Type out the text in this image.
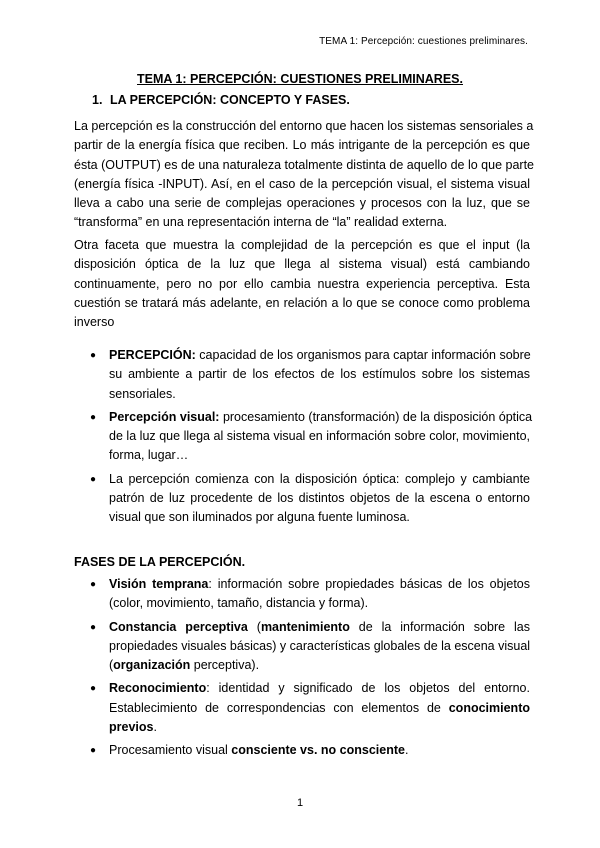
TEMA 1: Percepción: cuestiones preliminares.
TEMA 1: PERCEPCIÓN: CUESTIONES PRELIMINARES.
1. LA PERCEPCIÓN: CONCEPTO Y FASES.
La percepción es la construcción del entorno que hacen los sistemas sensoriales a
partir de la energía física que reciben. Lo más intrigante de la percepción es que
ésta (OUTPUT) es de una naturaleza totalmente distinta de aquello de lo que parte
(energía física -INPUT). Así, en el caso de la percepción visual, el sistema visual
lleva a cabo una serie de complejas operaciones y procesos con la luz, que se
“transforma” en una representación interna de “la” realidad externa.
Otra faceta que muestra la complejidad de la percepción es que el input (la
disposición óptica de la luz que llega al sistema visual) está cambiando
continuamente, pero no por ello cambia nuestra experiencia perceptiva. Esta
cuestión se tratará más adelante, en relación a lo que se conoce como problema
inverso
● PERCEPCIÓN: capacidad de los organismos para captar información sobre
su ambiente a partir de los efectos de los estímulos sobre los sistemas
sensoriales.
● Percepción visual: procesamiento (transformación) de la disposición óptica
de la luz que llega al sistema visual en información sobre color, movimiento,
forma, lugar…
● La percepción comienza con la disposición óptica: complejo y cambiante
patrón de luz procedente de los distintos objetos de la escena o entorno
visual que son iluminados por alguna fuente luminosa.
FASES DE LA PERCEPCIÓN.
● Visión temprana: información sobre propiedades básicas de los objetos
(color, movimiento, tamaño, distancia y forma).
● Constancia perceptiva (mantenimiento de la información sobre las
propiedades visuales básicas) y características globales de la escena visual
(organización perceptiva).
● Reconocimiento: identidad y significado de los objetos del entorno.
Establecimiento de correspondencias con elementos de conocimiento
previos.
● Procesamiento visual consciente vs. no consciente.
1
